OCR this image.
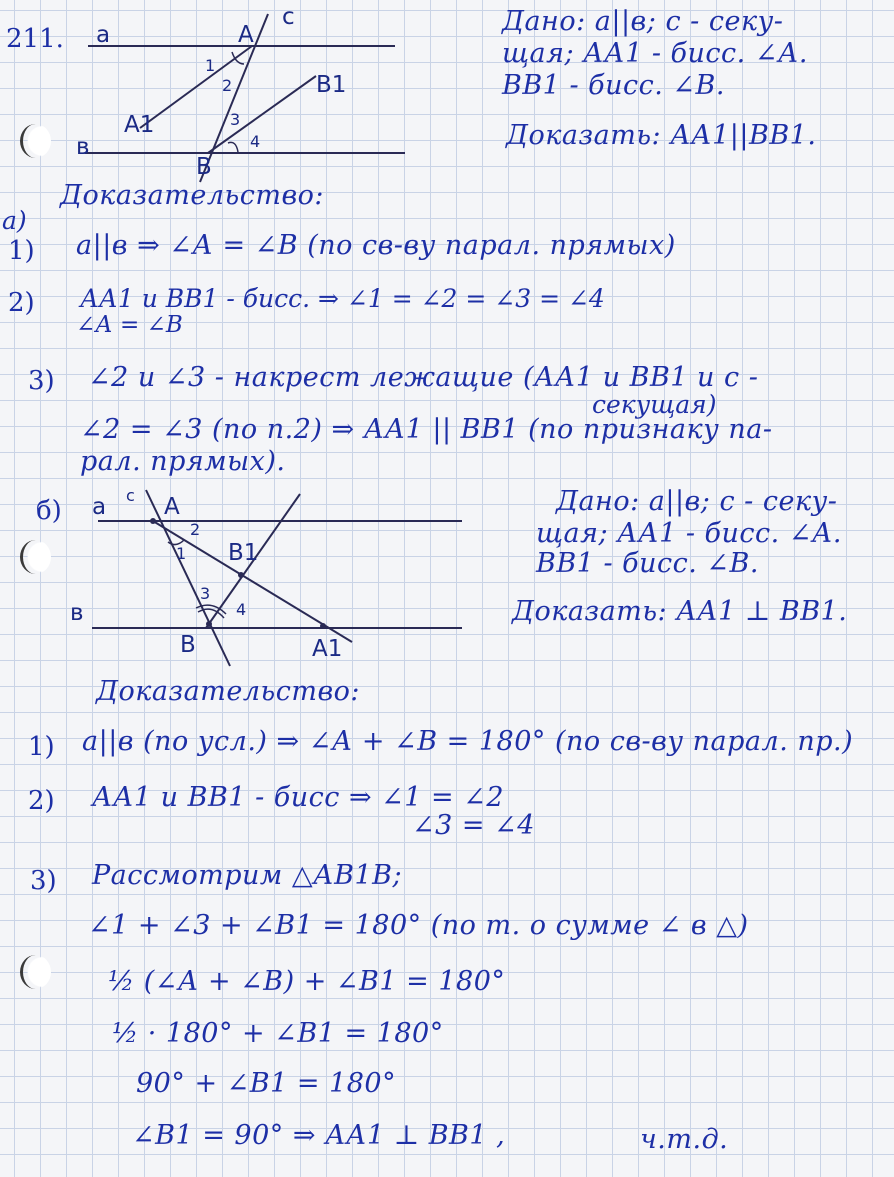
211. a
c
A
1
2	B1
A1	3
4
в
B
Дано: а||в; с - секу-
щая; АА1 - бисс. ∠А.
ВВ1 - бисс. ∠В.
Доказать: АА1||ВВ1.
Доказательство:
а)
1) а||в ⇒ ∠А = ∠В (по св-ву парал. прямых)
2) АА1 и ВВ1 - бисс. ⇒ ∠1 = ∠2 = ∠3 = ∠4
∠А = ∠В
3) ∠2 и ∠3 - накрест лежащие (АА1 и ВВ1 и с -
секущая)
∠2 = ∠3 (по п.2) ⇒ АА1 || ВВ1 (по признаку па-
рал. прямых).
б) а с А
2
1 В1
в
3
4
В	А1
Дано: а||в; с - секу-
щая; АА1 - бисс. ∠А.
ВВ1 - бисс. ∠В.
Доказать: АА1 ⊥ ВВ1.
Доказательство:
1) а||в (по усл.) ⇒ ∠А + ∠В = 180° (по св-ву парал. пр.)
2) АА1 и ВВ1 - бисс ⇒ ∠1 = ∠2
∠3 = ∠4
3) Рассмотрим △АВ1В;
∠1 + ∠3 + ∠В1 = 180° (по т. о сумме ∠ в △)
½ (∠А + ∠В) + ∠В1 = 180°
½ · 180° + ∠В1 = 180°
90° + ∠В1 = 180°
∠В1 = 90° ⇒ АА1 ⊥ ВВ1 ,	ч.т.д.
